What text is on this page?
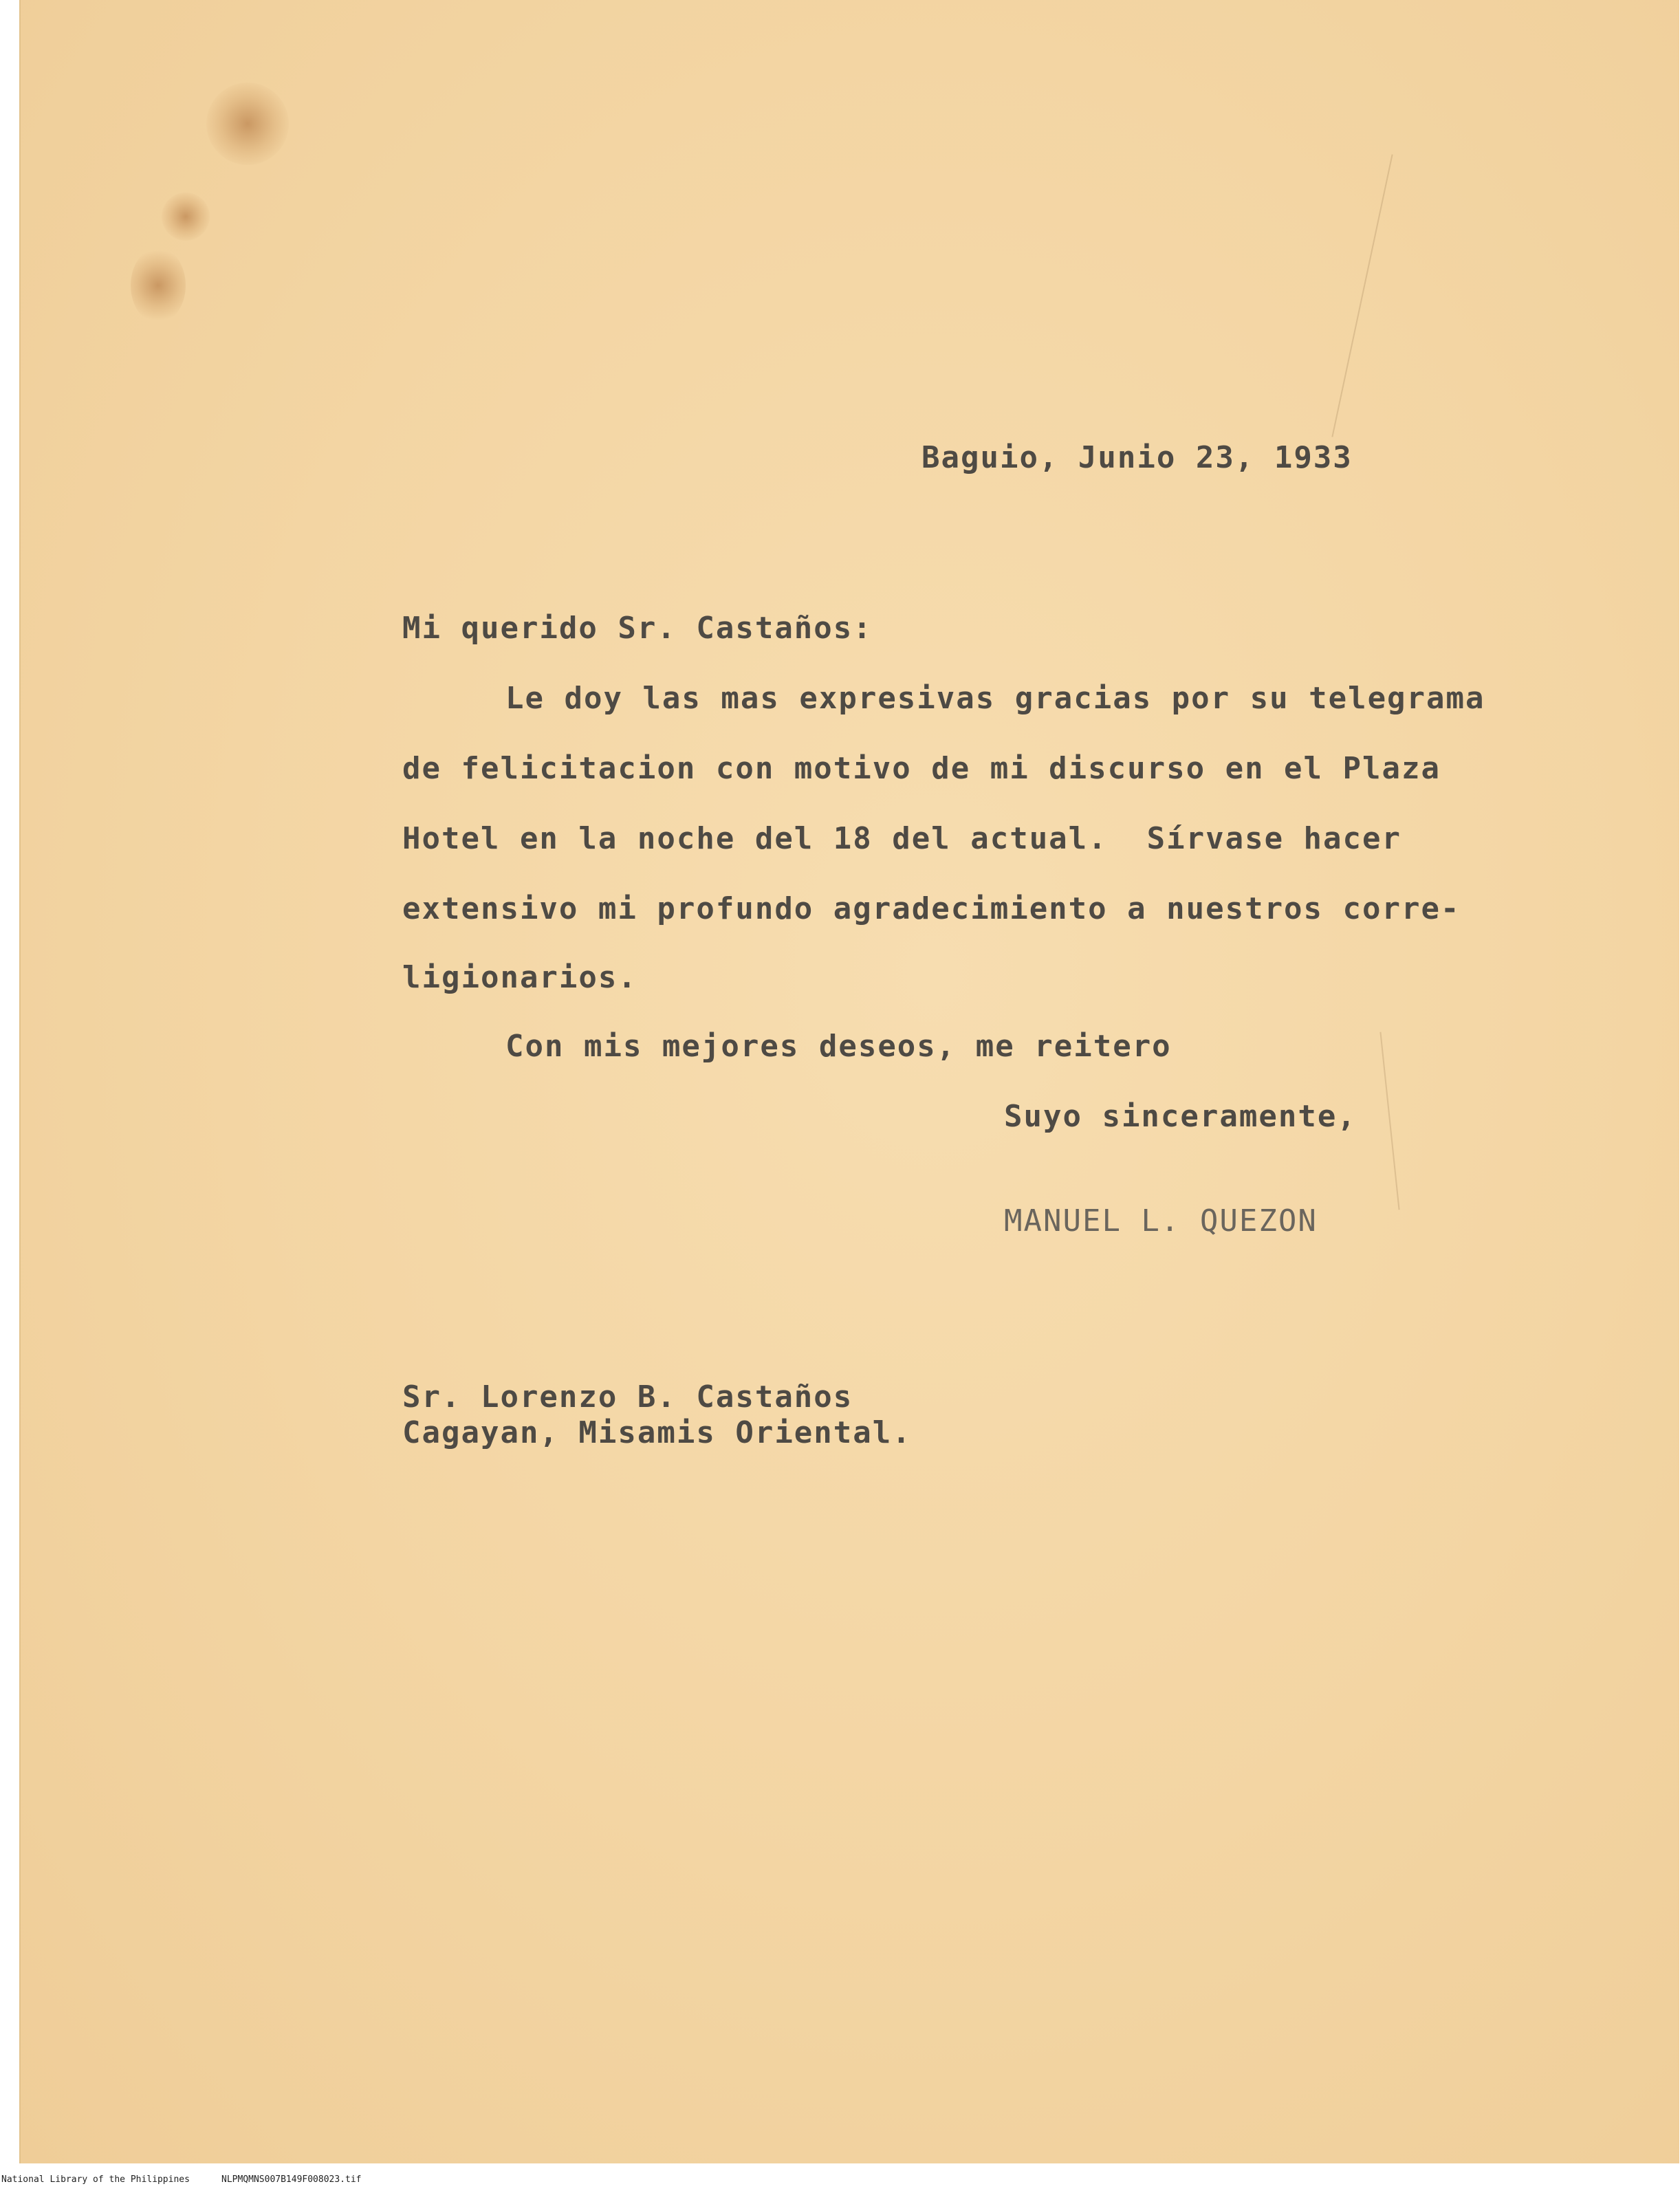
Baguio, Junio 23, 1933
Mi querido Sr. Castaños:
Le doy las mas expresivas gracias por su telegrama
de felicitacion con motivo de mi discurso en el Plaza
Hotel en la noche del 18 del actual.  Sírvase hacer
extensivo mi profundo agradecimiento a nuestros corre-
ligionarios.
Con mis mejores deseos, me reitero
Suyo sinceramente,
MANUEL L. QUEZON
Sr. Lorenzo B. Castaños
Cagayan, Misamis Oriental.

National Library of the Philippines

	NLPMQMNS007B149F008023.tif
